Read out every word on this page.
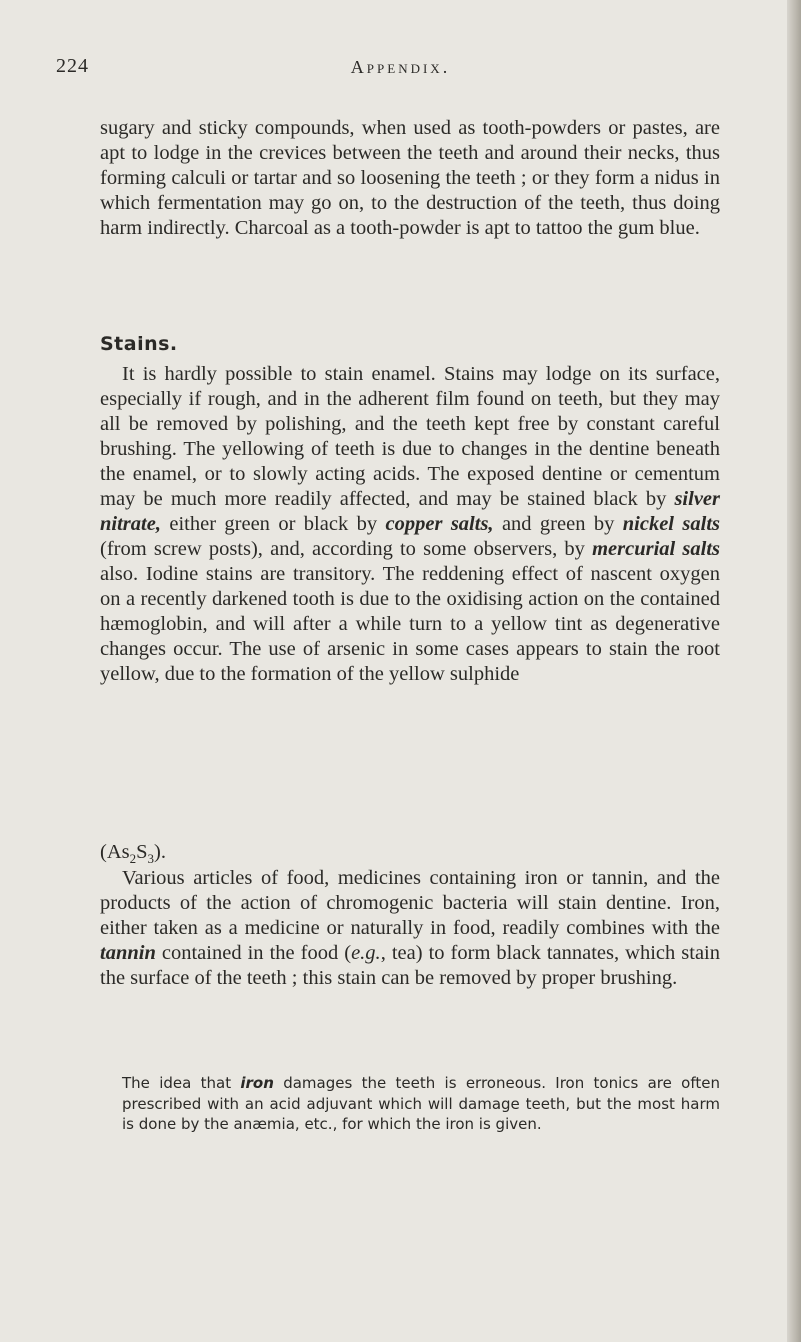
224	Appendix.

sugary and sticky compounds, when used as tooth-powders or pastes, are apt to lodge in the crevices between the teeth and around their necks, thus forming calculi or tartar and so loosening the teeth ; or they form a nidus in which fermentation may go on, to the destruction of the teeth, thus doing harm indirectly. Charcoal as a tooth-powder is apt to tattoo the gum blue.

Stains.

It is hardly possible to stain enamel. Stains may lodge on its surface, especially if rough, and in the adherent film found on teeth, but they may all be removed by polishing, and the teeth kept free by constant careful brushing. The yellowing of teeth is due to changes in the dentine beneath the enamel, or to slowly acting acids. The exposed dentine or cementum may be much more readily affected, and may be stained black by silver nitrate, either green or black by copper salts, and green by nickel salts (from screw posts), and, according to some observers, by mercurial salts also. Iodine stains are transitory. The reddening effect of nascent oxygen on a recently darkened tooth is due to the oxidising action on the contained hæmoglobin, and will after a while turn to a yellow tint as degenerative changes occur. The use of arsenic in some cases appears to stain the root yellow, due to the formation of the yellow sulphide

$(As_2S_3)$.

Various articles of food, medicines containing iron or tannin, and the products of the action of chromogenic bacteria will stain dentine. Iron, either taken as a medicine or naturally in food, readily combines with the tannin contained in the food (e.g., tea) to form black tannates, which stain the surface of the teeth ; this stain can be removed by proper brushing.

The idea that iron damages the teeth is erroneous. Iron tonics are often prescribed with an acid adjuvant which will damage teeth, but the most harm is done by the anæmia, etc., for which the iron is given.
